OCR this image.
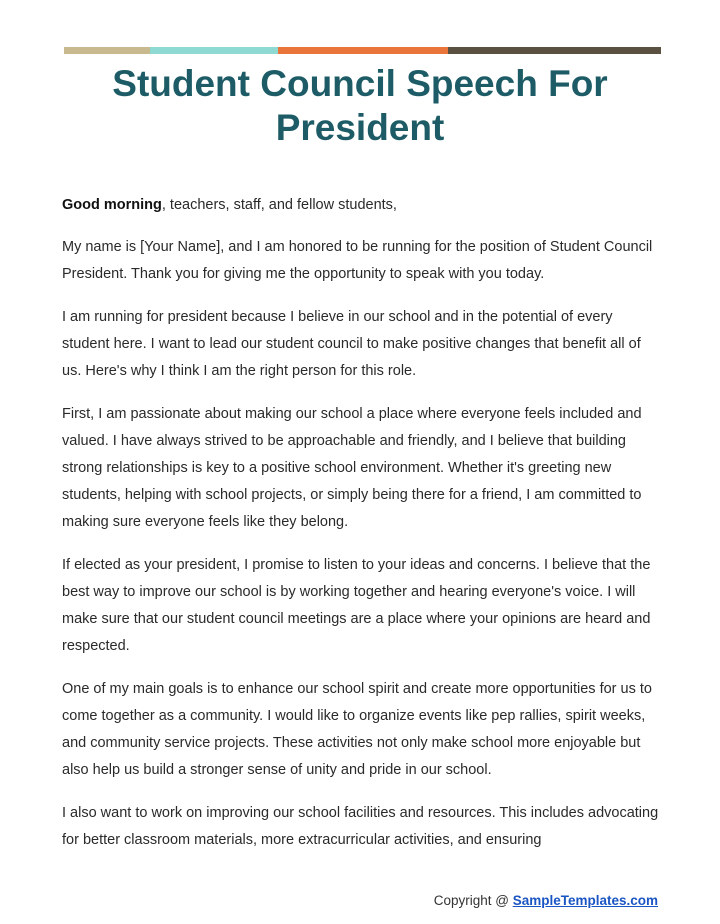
Student Council Speech For
President

Good morning, teachers, staff, and fellow students,

My name is [Your Name], and I am honored to be running for the position of Student Council President. Thank you for giving me the opportunity to speak with you today.

I am running for president because I believe in our school and in the potential of every student here. I want to lead our student council to make positive changes that benefit all of us. Here's why I think I am the right person for this role.

First, I am passionate about making our school a place where everyone feels included and valued. I have always strived to be approachable and friendly, and I believe that building strong relationships is key to a positive school environment. Whether it's greeting new students, helping with school projects, or simply being there for a friend, I am committed to making sure everyone feels like they belong.

If elected as your president, I promise to listen to your ideas and concerns. I believe that the best way to improve our school is by working together and hearing everyone's voice. I will make sure that our student council meetings are a place where your opinions are heard and respected.

One of my main goals is to enhance our school spirit and create more opportunities for us to come together as a community. I would like to organize events like pep rallies, spirit weeks, and community service projects. These activities not only make school more enjoyable but also help us build a stronger sense of unity and pride in our school.

I also want to work on improving our school facilities and resources. This includes advocating for better classroom materials, more extracurricular activities, and ensuring

Copyright @ SampleTemplates.com
